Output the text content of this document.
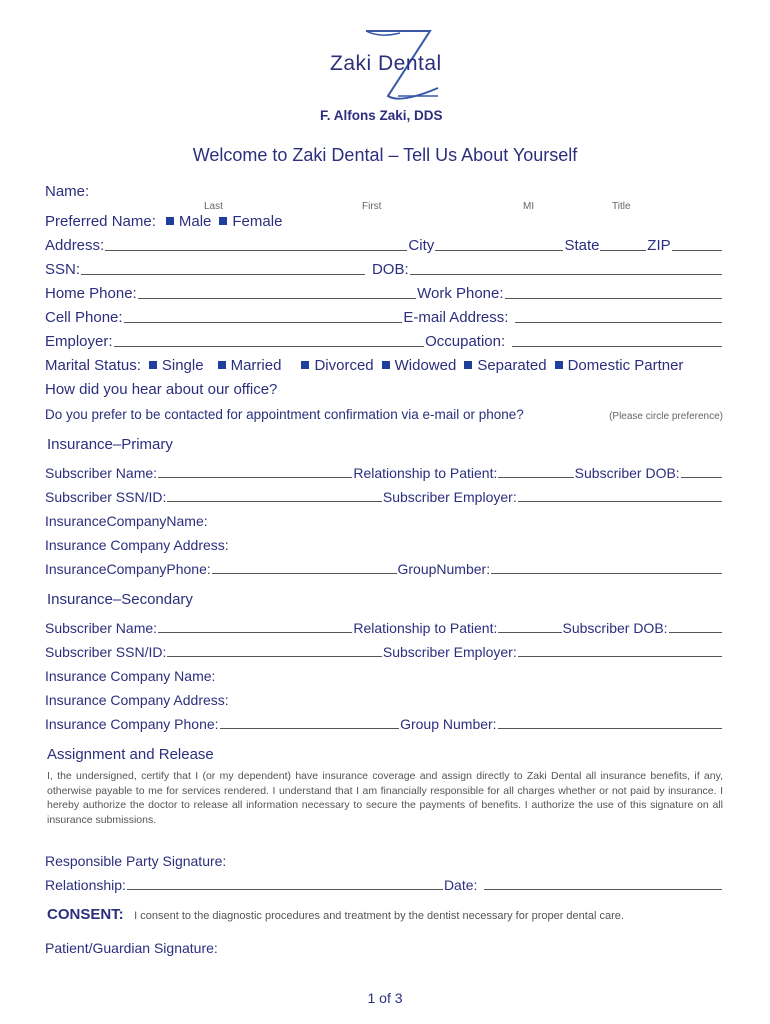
Zaki Dental
F. Alfons Zaki, DDS
Welcome to Zaki Dental – Tell Us About Yourself
Name:
Last	First	MI	Title
Preferred Name:	Male	Female
Address:	City	State	ZIP
SSN:	DOB:
Home Phone:	Work Phone:
Cell Phone:	E-mail Address:
Employer:	Occupation:
Marital Status:	Single	Married	Divorced	Widowed	Separated	Domestic Partner
How did you hear about our office?
Do you prefer to be contacted for appointment confirmation via e-mail or phone?	(Please circle preference)
Insurance–Primary
Subscriber Name:	Relationship to Patient:	Subscriber DOB:
Subscriber SSN/ID:	Subscriber Employer:
InsuranceCompanyName:
Insurance Company Address:
InsuranceCompanyPhone:	GroupNumber:
Insurance–Secondary
Subscriber Name:	Relationship to Patient:	Subscriber DOB:
Subscriber SSN/ID:	Subscriber Employer:
Insurance Company Name:
Insurance Company Address:
Insurance Company Phone:	Group Number:
Assignment and Release
I, the undersigned, certify that I (or my dependent) have insurance coverage and assign directly to Zaki Dental all insurance benefits, if any, otherwise payable to me for services rendered. I understand that I am financially responsible for all charges whether or not paid by insurance. I hereby authorize the doctor to release all information necessary to secure the payments of benefits. I authorize the use of this signature on all insurance submissions.
Responsible Party Signature:
Relationship:	Date:
CONSENT: I consent to the diagnostic procedures and treatment by the dentist necessary for proper dental care.
Patient/Guardian Signature:
1 of 3
